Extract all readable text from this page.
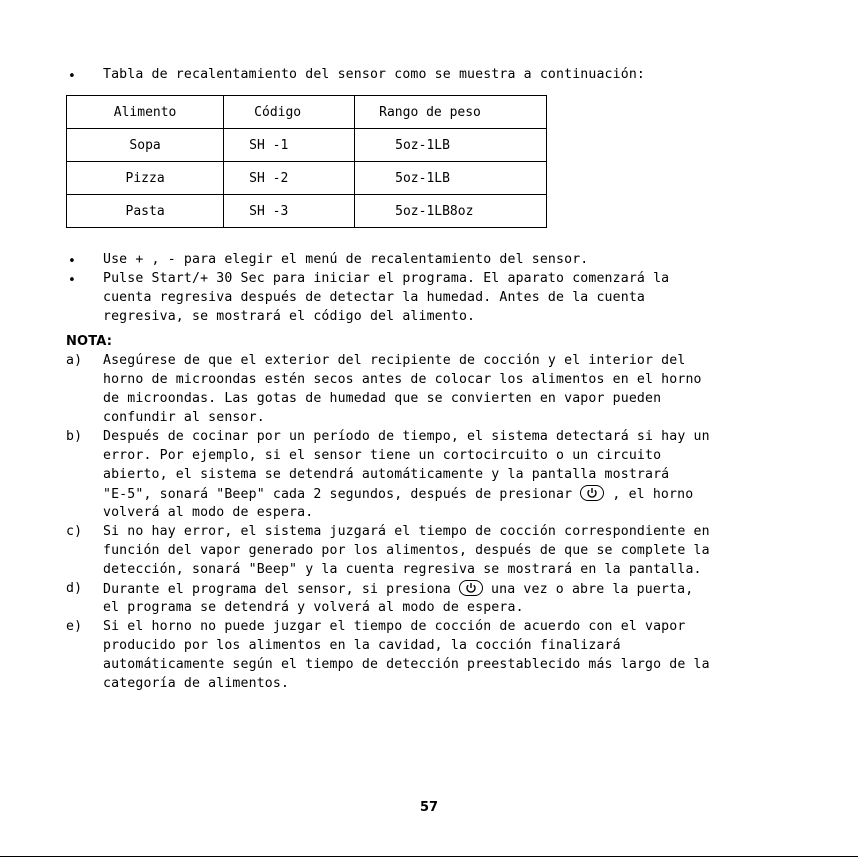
• Tabla de recalentamiento del sensor como se muestra a continuación:
Alimento	Código	Rango de peso
Sopa	SH -1	5oz-1LB
Pizza	SH -2	5oz-1LB
Pasta	SH -3	5oz-1LB8oz
• Use + , - para elegir el menú de recalentamiento del sensor.
• Pulse Start/+ 30 Sec para iniciar el programa. El aparato comenzará la
cuenta regresiva después de detectar la humedad. Antes de la cuenta
regresiva, se mostrará el código del alimento.
NOTA:
a) Asegúrese de que el exterior del recipiente de cocción y el interior del
horno de microondas estén secos antes de colocar los alimentos en el horno
de microondas. Las gotas de humedad que se convierten en vapor pueden
confundir al sensor.
b) Después de cocinar por un período de tiempo, el sistema detectará si hay un
error. Por ejemplo, si el sensor tiene un cortocircuito o un circuito
abierto, el sistema se detendrá automáticamente y la pantalla mostrará
"E-5", sonará "Beep" cada 2 segundos, después de presionar	, el horno
volverá al modo de espera.
c) Si no hay error, el sistema juzgará el tiempo de cocción correspondiente en
función del vapor generado por los alimentos, después de que se complete la
detección, sonará "Beep" y la cuenta regresiva se mostrará en la pantalla.
d) Durante el programa del sensor, si presiona	una vez o abre la puerta,
el programa se detendrá y volverá al modo de espera.
e) Si el horno no puede juzgar el tiempo de cocción de acuerdo con el vapor
producido por los alimentos en la cavidad, la cocción finalizará
automáticamente según el tiempo de detección preestablecido más largo de la
categoría de alimentos.
57
